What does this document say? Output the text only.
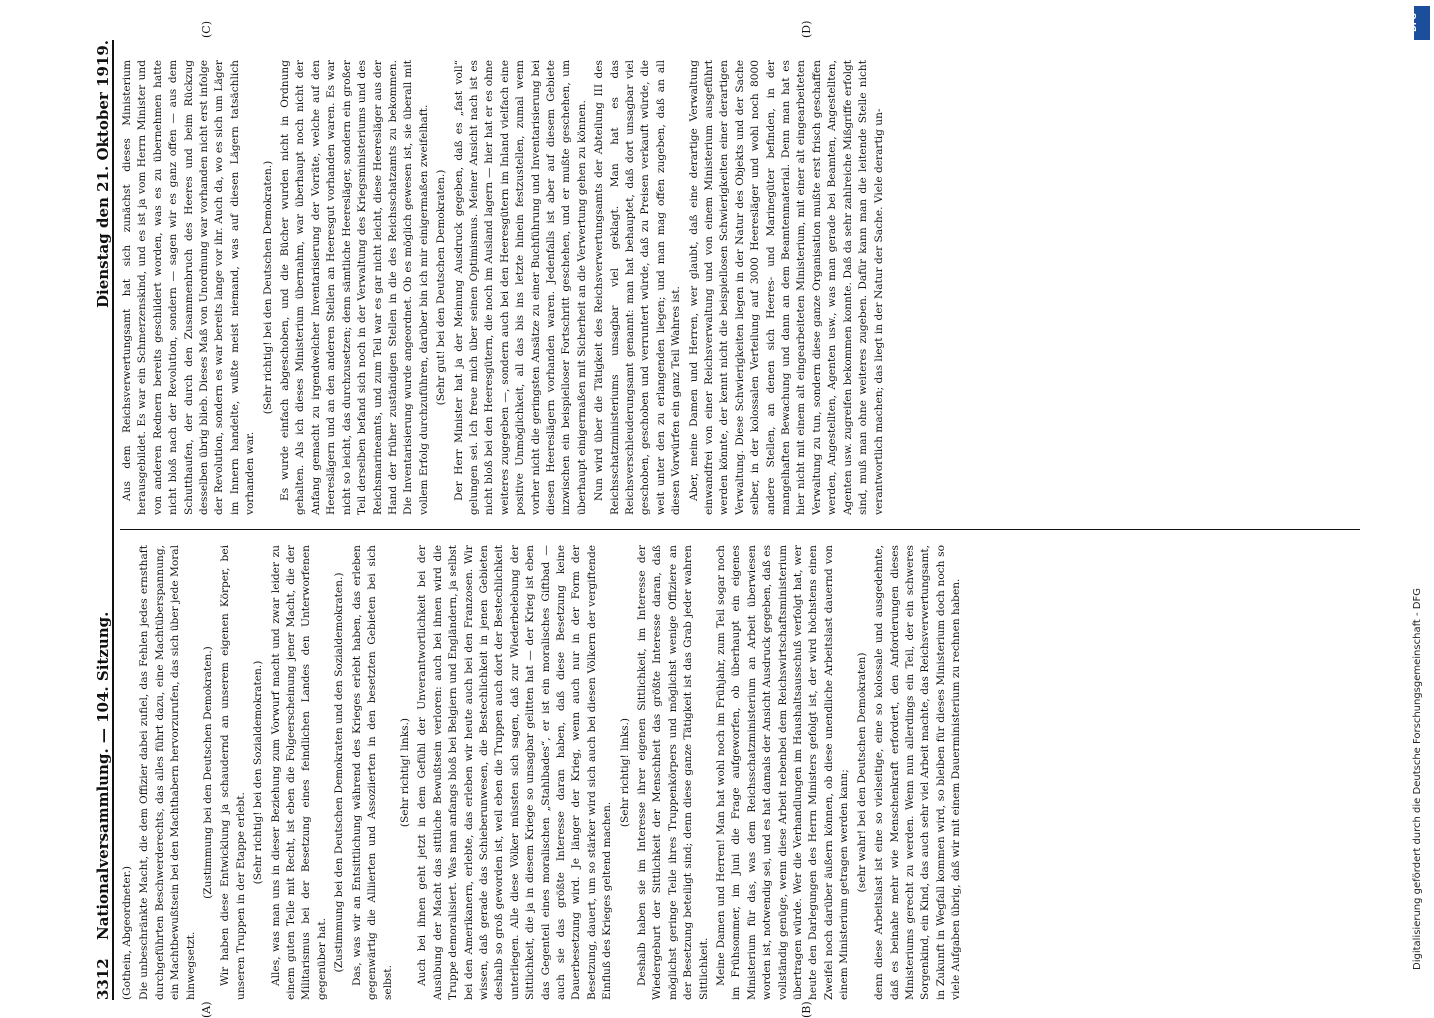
3312
Nationalversammlung. — 104. Sitzung.
Dienstag den 21. Oktober 1919.
(A)	(B)
(C)	(D)

(Gothein, Abgeordneter.) Die unbeschränkte Macht, die dem Offizier dabei zufiel, das Fehlen jedes ernsthaft durchgeführten Beschwerderechts, das alles führt dazu, eine Machtüberspannung, ein Machtbewußtsein bei den Machthabern hervorzurufen, das sich über jede Moral hinwegsetzt.

(Zustimmung bei den Deutschen Demokraten.) Wir haben diese Entwicklung ja schaudernd an unserem eigenen Körper, bei unseren Truppen in der Etappe erlebt.

(Sehr richtig! bei den Sozialdemokraten.) Alles, was man uns in dieser Beziehung zum Vorwurf macht und zwar leider zu einem guten Teile mit Recht, ist eben die Folgeerscheinung jener Macht, die der Militarismus bei der Besetzung eines feindlichen Landes den Unterworfenen gegenüber hat. (Zustimmung bei den Deutschen Demokraten und den Sozialdemokraten.) Das, was wir an Entsittlichung während des Krieges erlebt haben, das erleben gegenwärtig die Alliierten und Assoziierten in den besetzten Gebieten bei sich selbst.

(Sehr richtig! links.) Auch bei ihnen geht jetzt in dem Gefühl der Unverantwortlichkeit bei der Ausübung der Macht das sittliche Bewußtsein verloren: auch bei ihnen wird die Truppe demoralisiert. Was man anfangs bloß bei Belgiern und Engländern, ja selbst bei den Amerikanern, erlebte, das erleben wir heute auch bei den Franzosen. Wir wissen, daß gerade das Schieberunwesen, die Bestechlichkeit in jenen Gebieten deshalb so groß geworden ist, weil eben die Truppen auch dort der Bestechlichkeit unterliegen. Alle diese Völker müssten sich sagen, daß zur Wiederbelebung der Sittlichkeit, die ja in diesem Kriege so unsagbar gelitten hat — der Krieg ist eben das Gegenteil eines moralischen „Stahlbades“, er ist ein moralisches Giftbad — auch sie das größte Interesse daran haben, daß diese Besetzung keine Dauerbesetzung wird. Je länger der Krieg, wenn auch nur in der Form der Besetzung, dauert, um so stärker wird sich auch bei diesen Völkern der vergiftende Einfluß des Krieges geltend machen.

(Sehr richtig! links.) Deshalb haben sie im Interesse ihrer eigenen Sittlichkeit, im Interesse der Wiedergeburt der Sittlichkeit der Menschheit das größte Interesse daran, daß möglichst geringe Teile ihres Truppenkörpers und möglichst wenige Offiziere an der Besetzung beteiligt sind; denn diese ganze Tätigkeit ist das Grab jeder wahren Sittlichkeit. Meine Damen und Herren! Man hat wohl noch im Frühjahr, zum Teil sogar noch im Frühsommer, im Juni die Frage aufgeworfen, ob überhaupt ein eigenes Ministerium für das, was dem Reichsschatzministerium an Arbeit überwiesen worden ist, notwendig sei, und es hat damals der Ansicht Ausdruck gegeben, daß es vollständig genüge, wenn diese Arbeit nebenbei dem Reichswirtschaftsministerium übertragen würde. Wer die Verhandlungen im Haushaltsausschuß verfolgt hat, wer heute den Darlegungen des Herrn Ministers gefolgt ist, der wird höchstens einen Zweifel noch darüber äußern können, ob diese unendliche Arbeitslast dauernd von einem Ministerium getragen werden kann; (sehr wahr! bei den Deutschen Demokraten) denn diese Arbeitslast ist eine so vielseitige, eine so kolossale und ausgedehnte, daß es beinahe mehr wie Menschenkraft erfordert, den Anforderungen dieses Ministeriums gerecht zu werden. Wenn nun allerdings ein Teil, der ein schweres Sorgenkind, ein Kind, das auch sehr viel Arbeit machte, das Reichsverwertungsamt, in Zukunft in Wegfall kommen wird, so bleiben für dieses Ministerium doch noch so viele Aufgaben übrig, daß wir mit einem Dauerministerium zu rechnen haben.

Aus dem Reichsverwertungsamt hat sich zunächst dieses Ministerium herausgebildet. Es war ein Schmerzenskind, und es ist ja vom Herrn Minister und von anderen Rednern bereits geschildert worden, was es zu übernehmen hatte nicht bloß nach der Revolution, sondern — sagen wir es ganz offen — aus dem Schutthaufen, der durch den Zusammenbruch des Heeres und beim Rückzug desselben übrig blieb. Dieses Maß von Unordnung war vorhanden nicht erst infolge der Revolution, sondern es war bereits lange vor ihr. Auch da, wo es sich um Läger im Innern handelte, wußte meist niemand, was auf diesen Lägern tatsächlich vorhanden war.

(Sehr richtig! bei den Deutschen Demokraten.) Es wurde einfach abgeschoben, und die Bücher wurden nicht in Ordnung gehalten. Als ich dieses Ministerium übernahm, war überhaupt noch nicht der Anfang gemacht zu irgendwelcher Inventarisierung der Vorräte, welche auf den Heereslägern und an den anderen Stellen an Heeresgut vorhanden waren. Es war nicht so leicht, das durchzusetzen; denn sämtliche Heeresläger, sondern ein großer Teil derselben befand sich noch in der Verwaltung des Kriegsministeriums und des Reichsmarineamts, und zum Teil war es gar nicht leicht, diese Heeresläger aus der Hand der früher zuständigen Stellen in die des Reichsschatzamts zu bekommen. Die Inventarisierung wurde angeordnet. Ob es möglich gewesen ist, sie überall mit vollem Erfolg durchzuführen, darüber bin ich mir einigermaßen zweifelhaft. (Sehr gut! bei den Deutschen Demokraten.) Der Herr Minister hat ja der Meinung Ausdruck gegeben, daß es „fast voll“ gelungen sei. Ich freue mich über seinen Optimismus. Meiner Ansicht nach ist es nicht bloß bei den Heeresgütern, die noch im Ausland lagern — hier hat er es ohne weiteres zugegeben —, sondern auch bei den Heeresgütern im Inland vielfach eine positive Unmöglichkeit, all das bis ins letzte hinein festzustellen, zumal wenn vorher nicht die geringsten Ansätze zu einer Buchführung und Inventarisierung bei diesen Heereslägern vorhanden waren. Jedenfalls ist aber auf diesem Gebiete inzwischen ein beispielloser Fortschritt geschehen, und er mußte geschehen, um überhaupt einigermaßen mit Sicherheit an die Verwertung gehen zu können. Nun wird über die Tätigkeit des Reichsverwertungsamts der Abteilung III des Reichsschatzministeriums unsagbar viel geklagt. Man hat es das Reichsverschleuderungsamt genannt: man hat behauptet, daß dort unsagbar viel geschoben, geschoben und verruntert würde, daß zu Preisen verkauft würde, die weit unter den zu erlangenden liegen; und man mag offen zugeben, daß an all diesen Vorwürfen ein ganz Teil Wahres ist. Aber, meine Damen und Herren, wer glaubt, daß eine derartige Verwaltung einwandfrei von einer Reichsverwaltung und von einem Ministerium ausgeführt werden könnte, der kennt nicht die beispiellosen Schwierigkeiten einer derartigen Verwaltung. Diese Schwierigkeiten liegen in der Natur des Objekts und der Sache selber, in der kolossalen Verteilung auf 3000 Heeresläger und wohl noch 8000 andere Stellen, an denen sich Heeres- und Marinegüter befinden, in der mangelhaften Bewachung und dann an dem Beamtenmaterial. Denn man hat es hier nicht mit einem alt eingearbeiteten Ministerium, mit einer alt eingearbeiteten Verwaltung zu tun, sondern diese ganze Organisation mußte erst frisch geschaffen werden, Angestellten, Agenten usw., was man gerade bei Beamten, Angestellten, Agenten usw. zugreifen bekommen konnte. Daß da sehr zahlreiche Mißgriffe erfolgt sind, muß man ohne weiteres zugeben. Dafür kann man die leitende Stelle nicht verantwortlich machen; das liegt in der Natur der Sache. Viele derartig un-

DFG
Digitalisierung gefördert durch die Deutsche Forschungsgemeinschaft - DFG
